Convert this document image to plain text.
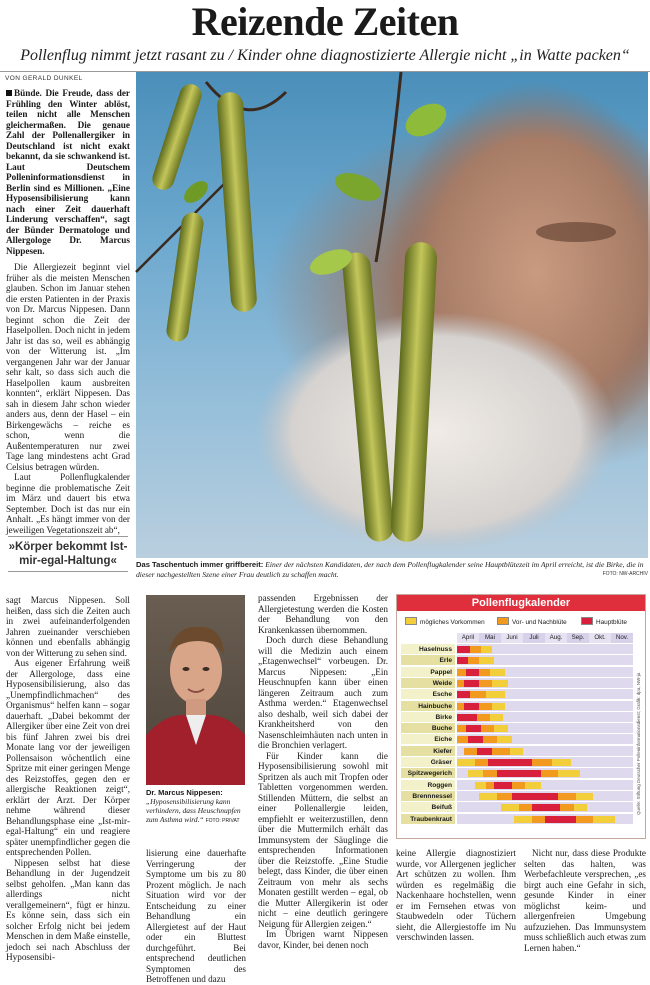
Reizende Zeiten
Pollenflug nimmt jetzt rasant zu / Kinder ohne diagnostizierte Allergie nicht „in Watte packen“
VON GERALD DUNKEL

Bünde. Die Freude, dass der Frühling den Winter ablöst, teilen nicht alle Menschen gleichermaßen. Die genaue Zahl der Pollenallergiker in Deutschland ist nicht exakt bekannt, da sie schwankend ist. Laut Deutschem Polleninformationsdienst in Berlin sind es Millionen. „Eine Hyposensibilisierung kann nach einer Zeit dauerhaft Linderung verschaffen“, sagt der Bünder Dermatologe und Allergologe Dr. Marcus Nippesen.

Die Allergiezeit beginnt viel früher als die meisten Menschen glauben. Schon im Januar stehen die ersten Patienten in der Praxis von Dr. Marcus Nippesen. Dann beginnt schon die Zeit der Haselpollen. Doch nicht in jedem Jahr ist das so, weil es abhängig von der Witterung ist. „Im vergangenen Jahr war der Januar sehr kalt, so dass sich auch die Haselpollen kaum ausbreiten konnten“, erklärt Nippesen. Das sah in diesem Jahr schon wieder anders aus, denn der Hasel – ein Birkengewächs – reiche es schon, wenn die Außentemperaturen nur zwei Tage lang mindestens acht Grad Celsius betragen würden.

Laut Pollenflugkalender beginne die problematische Zeit im März und dauert bis etwa September. Doch ist das nur ein Anhalt. „Es hängt immer von der jeweiligen Vegetationszeit ab“,

»Körper bekommt Ist-mir-egal-Haltung«

sagt Marcus Nippesen. Soll heißen, dass sich die Zeiten auch in zwei aufeinanderfolgenden Jahren zueinander verschieben können und ebenfalls abhängig von der Witterung zu sehen sind.

Aus eigener Erfahrung weiß der Allergologe, dass eine Hyposensibilisierung, also das „Unempfindlichmachen“ des Organismus“ helfen kann – sogar dauerhaft. „Dabei bekommt der Allergiker über eine Zeit von drei bis fünf Jahren zwei bis drei Monate lang vor der jeweiligen Pollensaison wöchentlich eine Spritze mit einer geringen Menge des Reizstoffes, gegen den er allergische Reaktionen zeigt“, erklärt der Arzt. Der Körper nehme während dieser Behandlungsphase eine „Ist-mir-egal-Haltung“ ein und reagiere später unempfindlicher gegen die entsprechenden Pollen.

Nippesen selbst hat diese Behandlung in der Jugendzeit selbst geholfen. „Man kann das allerdings nicht verallgemeinern“, fügt er hinzu. Es könne sein, dass sich ein solcher Erfolg nicht bei jedem Menschen in dem Maße einstelle, jedoch sei nach Abschluss der Hyposensibi-

Das Taschentuch immer griffbereit: Einer der nächsten Kandidaten, der nach dem Pollenflugkalender seine Hauptblütezeit im April erreicht, ist die Birke, die in dieser nachgestellten Szene einer Frau deutlich zu schaffen macht.	FOTO: NW-ARCHIV
Dr. Marcus Nippesen: „Hyposensibilisierung kann verhindern, dass Heuschnupfen zum Asthma wird.“ FOTO: PRIVAT

lisierung eine dauerhafte Verringerung der Symptome um bis zu 80 Prozent möglich. Je nach Situation wird vor der Entscheidung zu einer Behandlung ein Allergietest auf der Haut oder ein Bluttest durchgeführt. Bei entsprechend deutlichen Symptomen des Betroffenen und dazu

passenden Ergebnissen der Allergietestung werden die Kosten der Behandlung von den Krankenkassen übernommen.

Doch durch diese Behandlung will die Medizin auch einem „Etagenwechsel“ vorbeugen. Dr. Marcus Nippesen: „Ein Heuschnupfen kann über einen längeren Zeitraum auch zum Asthma werden.“ Etagenwechsel also deshalb, weil sich dabei der Krankheitsherd von den Nasenschleimhäuten nach unten in die Bronchien verlagert.

Für Kinder kann die Hyposensibilisierung sowohl mit Spritzen als auch mit Tropfen oder Tabletten vorgenommen werden. Stillenden Müttern, die selbst an einer Pollenallergie leiden, empfiehlt er weiterzustillen, denn über die Muttermilch erhält das Immunsystem der Säuglinge die entsprechenden Informationen über die Reizstoffe. „Eine Studie belegt, dass Kinder, die über einen Zeitraum von mehr als sechs Monaten gestillt werden – egal, ob die Mutter Allergikerin ist oder nicht – eine deutlich geringere Neigung für Allergien zeigen.“

Im Übrigen warnt Nippesen davor, Kinder, bei denen noch

Pollenflugkalender
mögliches Vorkommen	Vor- und Nachblüte	Hauptblüte
April	Mai	Juni	Juli	Aug.	Sep.	Okt.	Nov.
Haselnuss
Erle
Pappel
Weide
Esche
Hainbuche
Birke
Buche
Eiche
Kiefer
Gräser
Spitzwegerich
Roggen
Brennnessel
Beifuß
Traubenkraut
Quelle: Stiftung Deutscher Polleninformationsdienst; Grafik: dpa, NW-ja

keine Allergie diagnostiziert wurde, vor Allergenen jeglicher Art schützen zu wollen. Ihm würden es regelmäßig die Nackenhaare hochstellen, wenn er im Fernsehen etwas von Staubwedeln oder Tüchern sieht, die Allergiestoffe im Nu verschwinden lassen.

Nicht nur, dass diese Produkte selten das halten, was Werbefachleute versprechen, „es birgt auch eine Gefahr in sich, gesunde Kinder in einer möglichst keim- und allergenfreien Umgebung aufzuziehen. Das Immunsystem muss schließlich auch etwas zum Lernen haben.“
